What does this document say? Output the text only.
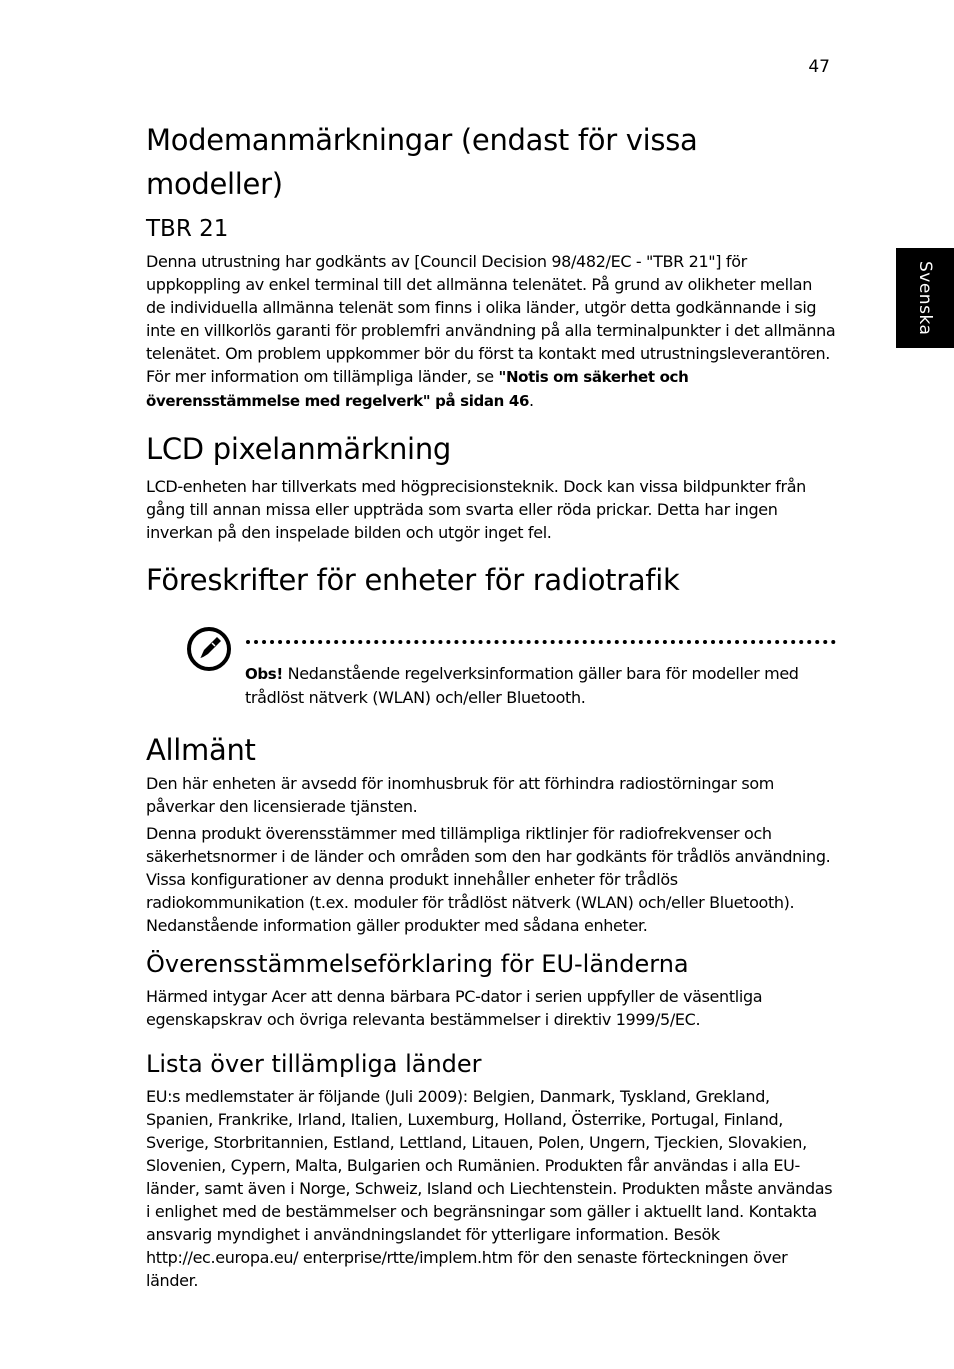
47
Svenska
Modemanmärkningar (endast för vissa modeller)
TBR 21

Denna utrustning har godkänts av [Council Decision 98/482/EC - "TBR 21"] för uppkoppling av enkel terminal till det allmänna telenätet. På grund av olikheter mellan de individuella allmänna telenät som finns i olika länder, utgör detta godkännande i sig inte en villkorlös garanti för problemfri användning på alla terminalpunkter i det allmänna telenätet. Om problem uppkommer bör du först ta kontakt med utrustningsleverantören. För mer information om tillämpliga länder, se "Notis om säkerhet och överensstämmelse med regelverk" på sidan 46.

LCD pixelanmärkning

LCD-enheten har tillverkats med högprecisionsteknik. Dock kan vissa bildpunkter från gång till annan missa eller uppträda som svarta eller röda prickar. Detta har ingen inverkan på den inspelade bilden och utgör inget fel.

Föreskrifter för enheter för radiotrafik

Obs! Nedanstående regelverksinformation gäller bara för modeller med trådlöst nätverk (WLAN) och/eller Bluetooth.

Allmänt

Den här enheten är avsedd för inomhusbruk för att förhindra radiostörningar som påverkar den licensierade tjänsten.

Denna produkt överensstämmer med tillämpliga riktlinjer för radiofrekvenser och säkerhetsnormer i de länder och områden som den har godkänts för trådlös användning. Vissa konfigurationer av denna produkt innehåller enheter för trådlös radiokommunikation (t.ex. moduler för trådlöst nätverk (WLAN) och/eller Bluetooth). Nedanstående information gäller produkter med sådana enheter.

Överensstämmelseförklaring för EU-länderna

Härmed intygar Acer att denna bärbara PC-dator i serien uppfyller de väsentliga egenskapskrav och övriga relevanta bestämmelser i direktiv 1999/5/EC.

Lista över tillämpliga länder

EU:s medlemstater är följande (Juli 2009): Belgien, Danmark, Tyskland, Grekland, Spanien, Frankrike, Irland, Italien, Luxemburg, Holland, Österrike, Portugal, Finland, Sverige, Storbritannien, Estland, Lettland, Litauen, Polen, Ungern, Tjeckien, Slovakien, Slovenien, Cypern, Malta, Bulgarien och Rumänien. Produkten får användas i alla EU-länder, samt även i Norge, Schweiz, Island och Liechtenstein. Produkten måste användas i enlighet med de bestämmelser och begränsningar som gäller i aktuellt land. Kontakta ansvarig myndighet i användningslandet för ytterligare information. Besök http://ec.europa.eu/ enterprise/rtte/implem.htm för den senaste förteckningen över länder.
